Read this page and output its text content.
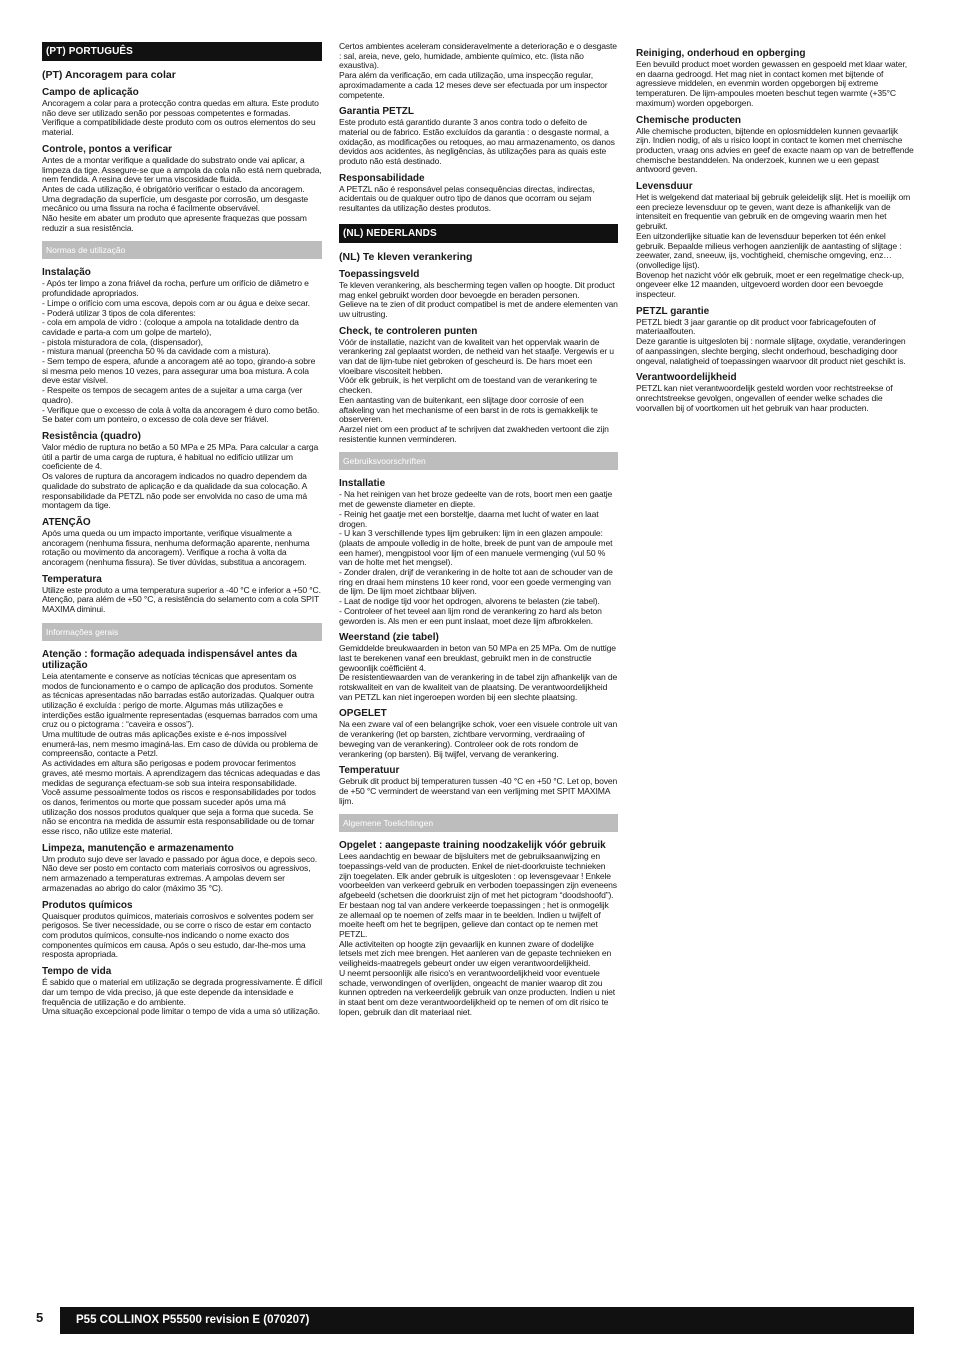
(PT) PORTUGUÊS
(PT) Ancoragem para colar
Campo de aplicação
Ancoragem a colar para a protecção contra quedas em altura. Este produto não deve ser utilizado senão por pessoas competentes e formadas.
Verifique a compatibilidade deste produto com os outros elementos do seu material.
Controle, pontos a verificar
Antes de a montar verifique a qualidade do substrato onde vai aplicar, a limpeza da tige. Assegure-se que a ampola da cola não está nem quebrada, nem fendida. A resina deve ter uma viscosidade fluida.
Antes de cada utilização, é obrigatório verificar o estado da ancoragem. Uma degradação da superfície, um desgaste por corrosão, um desgaste mecânico ou uma fissura na rocha é facilmente observável.
Não hesite em abater um produto que apresente fraquezas que possam reduzir a sua resistência.
Normas de utilização
Instalação
- Após ter limpo a zona friável da rocha, perfure um orifício de diâmetro e profundidade apropriados.
- Limpe o orifício com uma escova, depois com ar ou água e deixe secar.
- Poderá utilizar 3 tipos de cola diferentes:
- cola em ampola de vidro : (coloque a ampola na totalidade dentro da cavidade e parta-a com um golpe de martelo),
- pistola misturadora de cola, (dispensador),
- mistura manual (preencha 50 % da cavidade com a mistura).
- Sem tempo de espera, afunde a ancoragem até ao topo, girando-a sobre si mesma pelo menos 10 vezes, para assegurar uma boa mistura. A cola deve estar visível.
- Respeite os tempos de secagem antes de a sujeitar a uma carga (ver quadro).
- Verifique que o excesso de cola à volta da ancoragem é duro como betão. Se bater com um ponteiro, o excesso de cola deve ser friável.
Resistência (quadro)
Valor médio de ruptura no betão a 50 MPa e 25 MPa. Para calcular a carga útil a partir de uma carga de ruptura, é habitual no edifício utilizar um coeficiente de 4.
Os valores de ruptura da ancoragem indicados no quadro dependem da qualidade do substrato de aplicação e da qualidade da sua colocação. A responsabilidade da PETZL não pode ser envolvida no caso de uma má montagem da tige.
ATENÇÃO
Após uma queda ou um impacto importante, verifique visualmente a ancoragem (nenhuma fissura, nenhuma deformação aparente, nenhuma rotação ou movimento da ancoragem). Verifique a rocha à volta da ancoragem (nenhuma fissura). Se tiver dúvidas, substitua a ancoragem.
Temperatura
Utilize este produto a uma temperatura superior a -40 °C e inferior a +50 °C. Atenção, para além de +50 °C, a resistência do selamento com a cola SPIT MAXIMA diminui.
Informações gerais
Atenção : formação adequada indispensável antes da utilização
Leia atentamente e conserve as notícias técnicas que apresentam os modos de funcionamento e o campo de aplicação dos produtos. Somente as técnicas apresentadas não barradas estão autorizadas. Qualquer outra utilização é excluída : perigo de morte. Algumas más utilizações e interdições estão igualmente representadas (esquemas barrados com uma cruz ou o pictograma : “caveira e ossos”).
Uma multitude de outras más aplicações existe e é-nos impossível enumerá-las, nem mesmo imaginá-las. Em caso de dúvida ou problema de compreensão, contacte a Petzl.
As actividades em altura são perigosas e podem provocar ferimentos graves, até mesmo mortais. A aprendizagem das técnicas adequadas e das medidas de segurança efectuam-se sob sua inteira responsabilidade.
Você assume pessoalmente todos os riscos e responsabilidades por todos os danos, ferimentos ou morte que possam suceder após uma má utilização dos nossos produtos qualquer que seja a forma que suceda. Se não se encontra na medida de assumir esta responsabilidade ou de tomar esse risco, não utilize este material.
Limpeza, manutenção e armazenamento
Um produto sujo deve ser lavado e passado por água doce, e depois seco. Não deve ser posto em contacto com materiais corrosivos ou agressivos, nem armazenado a temperaturas extremas. A ampolas devem ser armazenadas ao abrigo do calor (máximo 35 °C).
Produtos químicos
Quaisquer produtos químicos, materiais corrosivos e solventes podem ser perigosos. Se tiver necessidade, ou se corre o risco de estar em contacto com produtos químicos, consulte-nos indicando o nome exacto dos componentes químicos em causa. Após o seu estudo, dar-lhe-mos uma resposta apropriada.
Tempo de vida
É sabido que o material em utilização se degrada progressivamente. É difícil dar um tempo de vida preciso, já que este depende da intensidade e frequência de utilização e do ambiente.
Uma situação excepcional pode limitar o tempo de vida a uma só utilização.
Certos ambientes aceleram consideravelmente a deterioração e o desgaste : sal, areia, neve, gelo, humidade, ambiente químico, etc. (lista não exaustiva).
Para além da verificação, em cada utilização, uma inspecção regular, aproximadamente a cada 12 meses deve ser efectuada por um inspector competente.
Garantia PETZL
Este produto está garantido durante 3 anos contra todo o defeito de material ou de fabrico. Estão excluídos da garantia : o desgaste normal, a oxidação, as modificações ou retoques, ao mau armazenamento, os danos devidos aos acidentes, às negligências, às utilizações para as quais este produto não está destinado.
Responsabilidade
A PETZL não é responsável pelas consequências directas, indirectas, acidentais ou de qualquer outro tipo de danos que ocorram ou sejam resultantes da utilização destes produtos.
(NL) NEDERLANDS
(NL) Te kleven verankering
Toepassingsveld
Te kleven verankering, als bescherming tegen vallen op hoogte. Dit product mag enkel gebruikt worden door bevoegde en beraden personen.
Gelieve na te zien of dit product compatibel is met de andere elementen van uw uitrusting.
Check, te controleren punten
Vóór de installatie, nazicht van de kwaliteit van het oppervlak waarin de verankering zal geplaatst worden, de netheid van het staafje. Vergewis er u van dat de lijm-tube niet gebroken of gescheurd is. De hars moet een vloeibare viscositeit hebben.
Vóór elk gebruik, is het verplicht om de toestand van de verankering te checken.
Een aantasting van de buitenkant, een slijtage door corrosie of een aftakeling van het mechanisme of een barst in de rots is gemakkelijk te observeren.
Aarzel niet om een product af te schrijven dat zwakheden vertoont die zijn resistentie kunnen verminderen.
Gebruiksvoorschriften
Installatie
- Na het reinigen van het broze gedeelte van de rots, boort men een gaatje met de gewenste diameter en diepte.
- Reinig het gaatje met een borsteltje, daarna met lucht of water en laat drogen.
- U kan 3 verschillende types lijm gebruiken: lijm in een glazen ampoule: (plaats de ampoule volledig in de holte, breek de punt van de ampoule met een hamer), mengpistool voor lijm of een manuele vermenging (vul 50 % van de holte met het mengsel).
- Zonder dralen, drijf de verankering in de holte tot aan de schouder van de ring en draai hem minstens 10 keer rond, voor een goede vermenging van de lijm. De lijm moet zichtbaar blijven.
- Laat de nodige tijd voor het opdrogen, alvorens te belasten (zie tabel).
- Controleer of het teveel aan lijm rond de verankering zo hard als beton geworden is. Als men er een punt inslaat, moet deze lijm afbrokkelen.
Weerstand (zie tabel)
Gemiddelde breukwaarden in beton van 50 MPa en 25 MPa. Om de nuttige last te berekenen vanaf een breuklast, gebruikt men in de constructie gewoonlijk coëfficiënt 4.
De resistentiewaarden van de verankering in de tabel zijn afhankelijk van de rotskwaliteit en van de kwaliteit van de plaatsing. De verantwoordelijkheid van PETZL kan niet ingeroepen worden bij een slechte plaatsing.
OPGELET
Na een zware val of een belangrijke schok, voer een visuele controle uit van de verankering (let op barsten, zichtbare vervorming, verdraaiing of beweging van de verankering). Controleer ook de rots rondom de verankering (op barsten). Bij twijfel, vervang de verankering.
Temperatuur
Gebruik dit product bij temperaturen tussen -40 °C en +50 °C. Let op, boven de +50 °C vermindert de weerstand van een verlijming met SPIT MAXIMA lijm.
Algemene Toelichtingen
Opgelet : aangepaste training noodzakelijk vóór gebruik
Lees aandachtig en bewaar de bijsluiters met de gebruiksaanwijzing en toepassings-veld van de producten. Enkel de niet-doorkruiste technieken zijn toegelaten. Elk ander gebruik is uitgesloten : op levensgevaar ! Enkele voorbeelden van verkeerd gebruik en verboden toepassingen zijn eveneens afgebeeld (schetsen die doorkruist zijn of met het pictogram “doodshoofd”).
Er bestaan nog tal van andere verkeerde toepassingen ; het is onmogelijk ze allemaal op te noemen of zelfs maar in te beelden. Indien u twijfelt of moeite heeft om het te begrijpen, gelieve dan contact op te nemen met PETZL.
Alle activiteiten op hoogte zijn gevaarlijk en kunnen zware of dodelijke letsels met zich mee brengen. Het aanleren van de gepaste technieken en veiligheids-maatregels gebeurt onder uw eigen verantwoordelijkheid.
U neemt persoonlijk alle risico's en verantwoordelijkheid voor eventuele schade, verwondingen of overlijden, ongeacht de manier waarop dit zou kunnen optreden na verkeerdelijk gebruik van onze producten. Indien u niet in staat bent om deze verantwoordelijkheid op te nemen of om dit risico te lopen, gebruik dan dit materiaal niet.
Reiniging, onderhoud en opberging
Een bevuild product moet worden gewassen en gespoeld met klaar water, en daarna gedroogd. Het mag niet in contact komen met bijtende of agressieve middelen, en evenmin worden opgeborgen bij extreme temperaturen. De lijm-ampoules moeten beschut tegen warmte (+35°C maximum) worden opgeborgen.
Chemische producten
Alle chemische producten, bijtende en oplosmiddelen kunnen gevaarlijk zijn. Indien nodig, of als u risico loopt in contact te komen met chemische producten, vraag ons advies en geef de exacte naam op van de betreffende chemische bestanddelen. Na onderzoek, kunnen we u een gepast antwoord geven.
Levensduur
Het is welgekend dat materiaal bij gebruik geleidelijk slijt. Het is moeilijk om een precieze levensduur op te geven, want deze is afhankelijk van de intensiteit en frequentie van gebruik en de omgeving waarin men het gebruikt.
Een uitzonderlijke situatie kan de levensduur beperken tot één enkel gebruik. Bepaalde milieus verhogen aanzienlijk de aantasting of slijtage : zeewater, zand, sneeuw, ijs, vochtigheid, chemische omgeving, enz…(onvolledige lijst).
Bovenop het nazicht vóór elk gebruik, moet er een regelmatige check-up, ongeveer elke 12 maanden, uitgevoerd worden door een bevoegde inspecteur.
PETZL garantie
PETZL biedt 3 jaar garantie op dit product voor fabricagefouten of materiaalfouten.
Deze garantie is uitgesloten bij : normale slijtage, oxydatie, veranderingen of aanpassingen, slechte berging, slecht onderhoud, beschadiging door ongeval, nalatigheid of toepassingen waarvoor dit product niet geschikt is.
Verantwoordelijkheid
PETZL kan niet verantwoordelijk gesteld worden voor rechtstreekse of onrechtstreekse gevolgen, ongevallen of eender welke schades die voorvallen bij of voortkomen uit het gebruik van haar producten.
5	P55 COLLINOX P55500 revision E (070207)
